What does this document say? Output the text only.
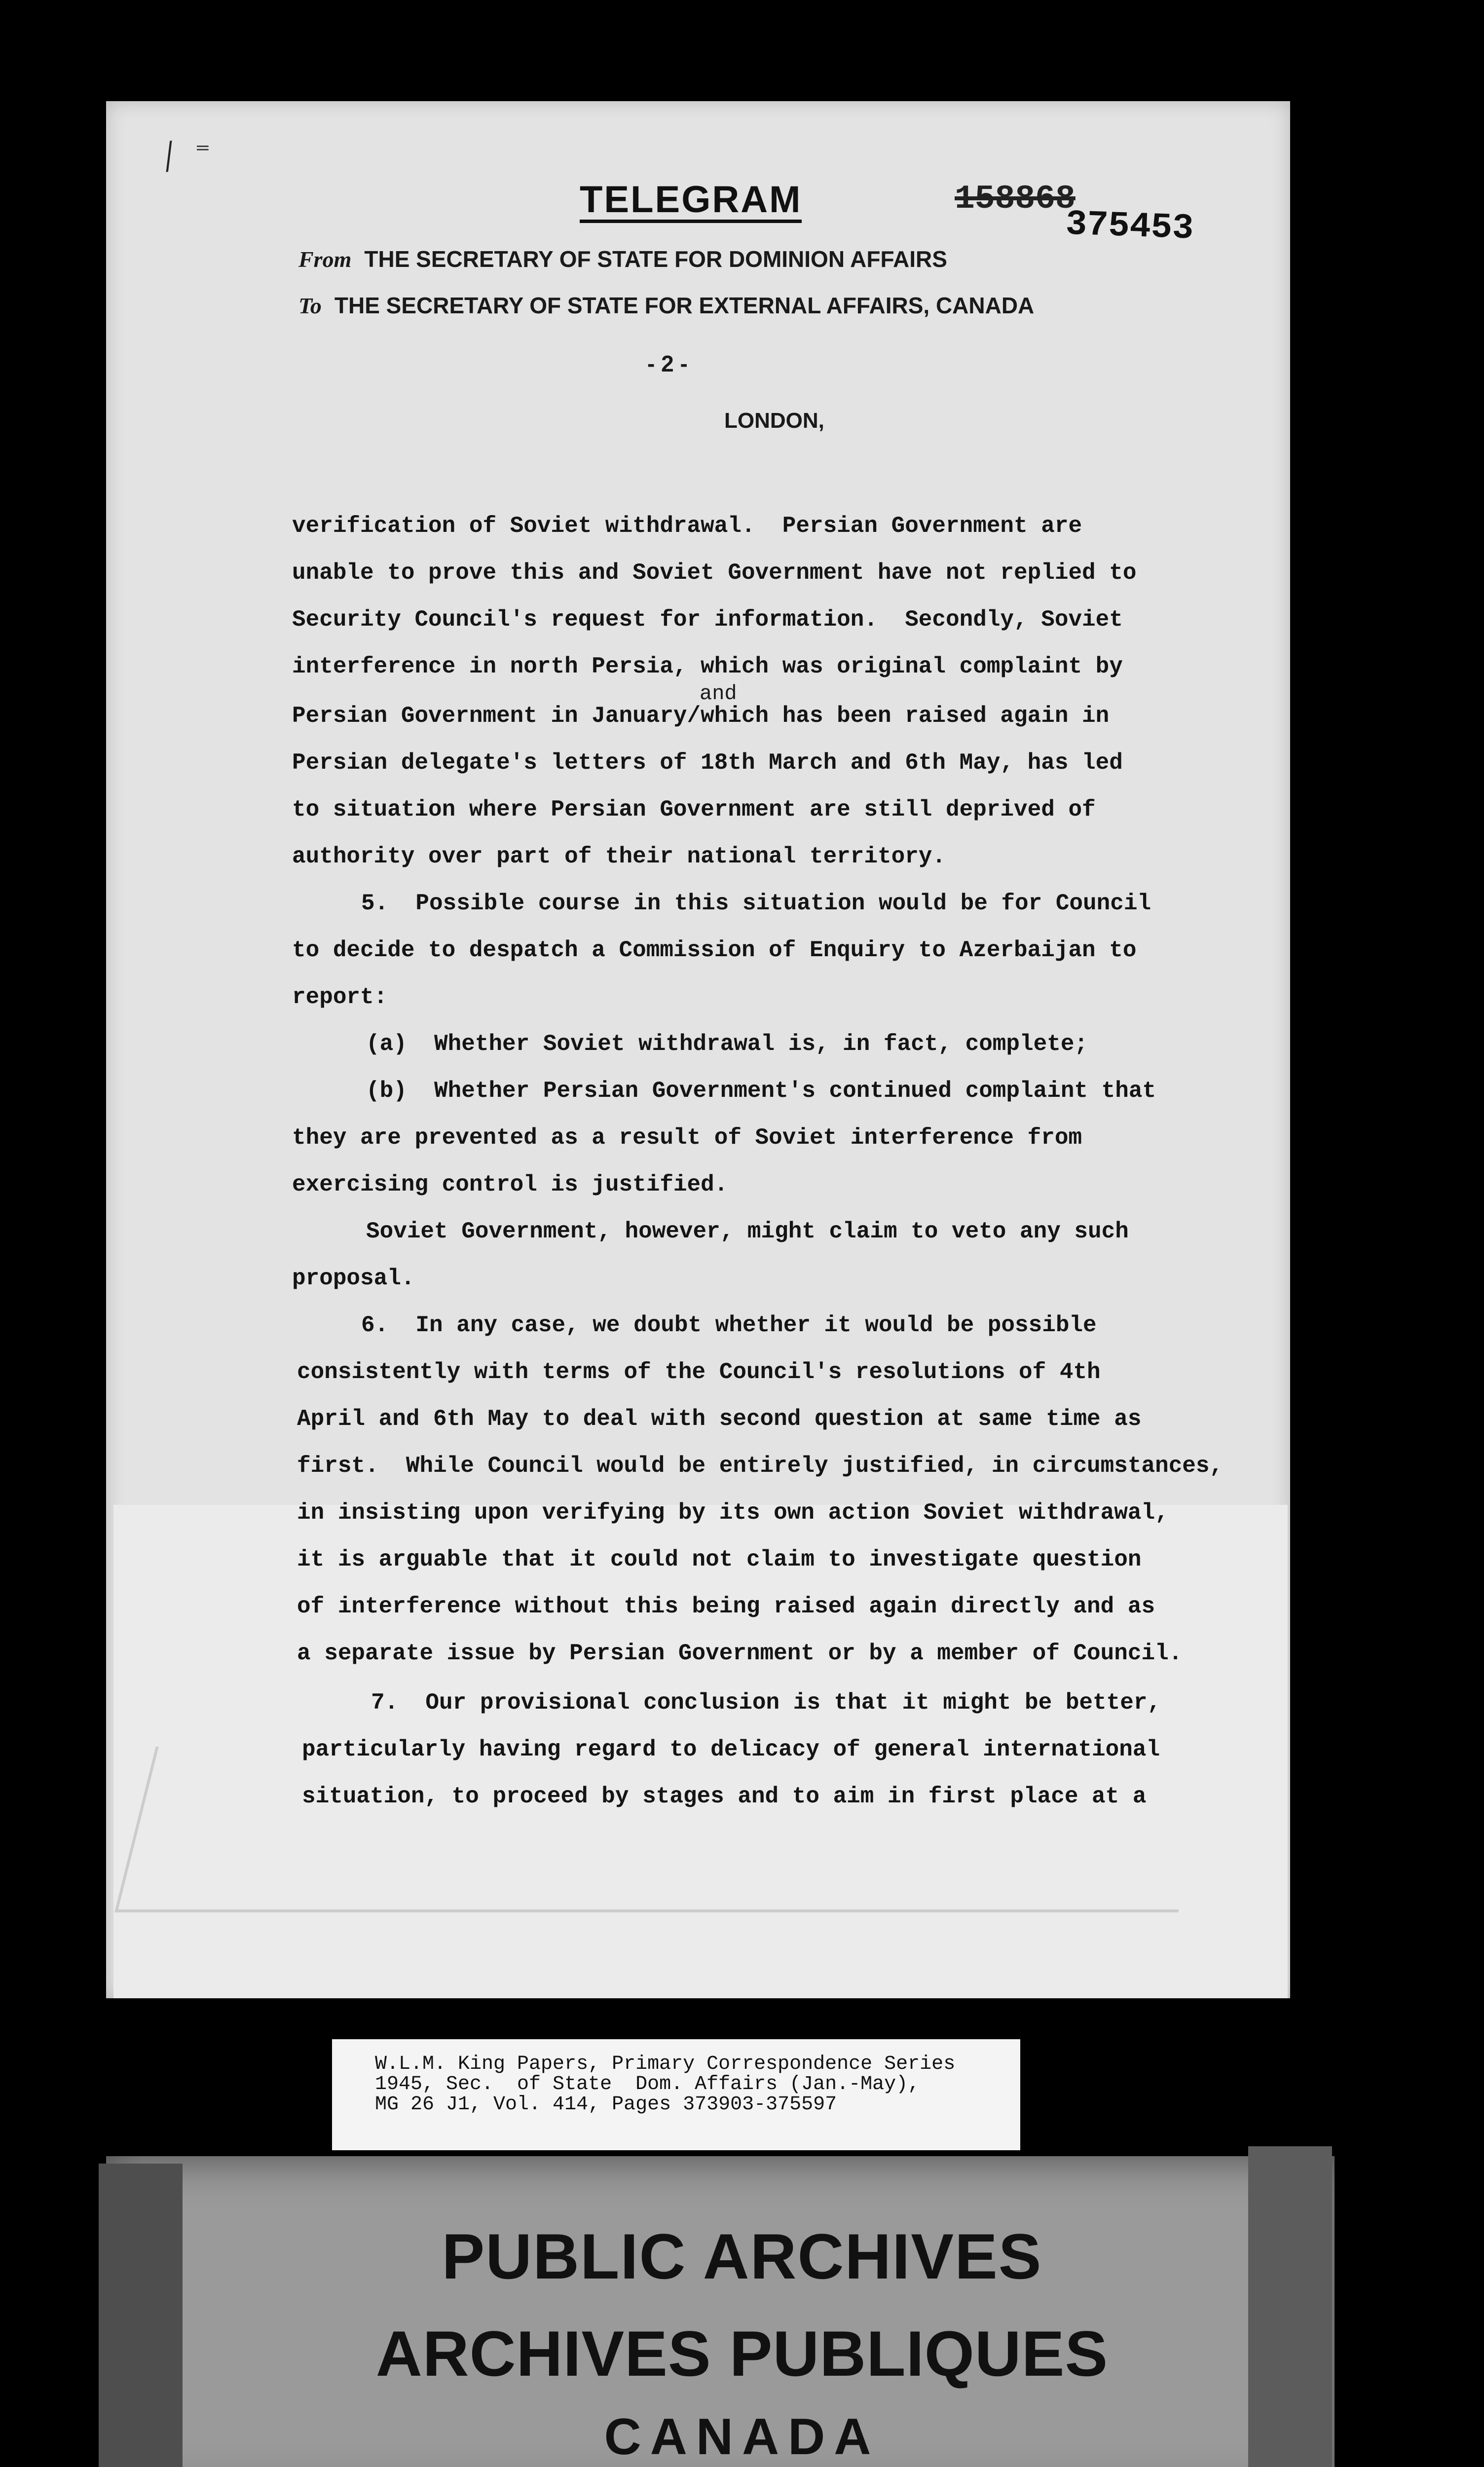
/ ⁼
TELEGRAM	158868
375453
From THE SECRETARY OF STATE FOR DOMINION AFFAIRS
To THE SECRETARY OF STATE FOR EXTERNAL AFFAIRS, CANADA
- 2 -
LONDON,
and
verification of Soviet withdrawal.  Persian Government are
unable to prove this and Soviet Government have not replied to
Security Council's request for information.  Secondly, Soviet
interference in north Persia, which was original complaint by
Persian Government in January/which has been raised again in
Persian delegate's letters of 18th March and 6th May, has led
to situation where Persian Government are still deprived of
authority over part of their national territory.
5.  Possible course in this situation would be for Council
to decide to despatch a Commission of Enquiry to Azerbaijan to
report:
(a)  Whether Soviet withdrawal is, in fact, complete;
(b)  Whether Persian Government's continued complaint that
they are prevented as a result of Soviet interference from
exercising control is justified.
Soviet Government, however, might claim to veto any such
proposal.
6.  In any case, we doubt whether it would be possible
consistently with terms of the Council's resolutions of 4th
April and 6th May to deal with second question at same time as
first.  While Council would be entirely justified, in circumstances,
in insisting upon verifying by its own action Soviet withdrawal,
it is arguable that it could not claim to investigate question
of interference without this being raised again directly and as
a separate issue by Persian Government or by a member of Council.
7.  Our provisional conclusion is that it might be better,
particularly having regard to delicacy of general international
situation, to proceed by stages and to aim in first place at a
W.L.M. King Papers, Primary Correspondence Series
1945, Sec.  of State  Dom. Affairs (Jan.-May),
MG 26 J1, Vol. 414, Pages 373903-375597
PUBLIC ARCHIVES
ARCHIVES PUBLIQUES
CANADA
